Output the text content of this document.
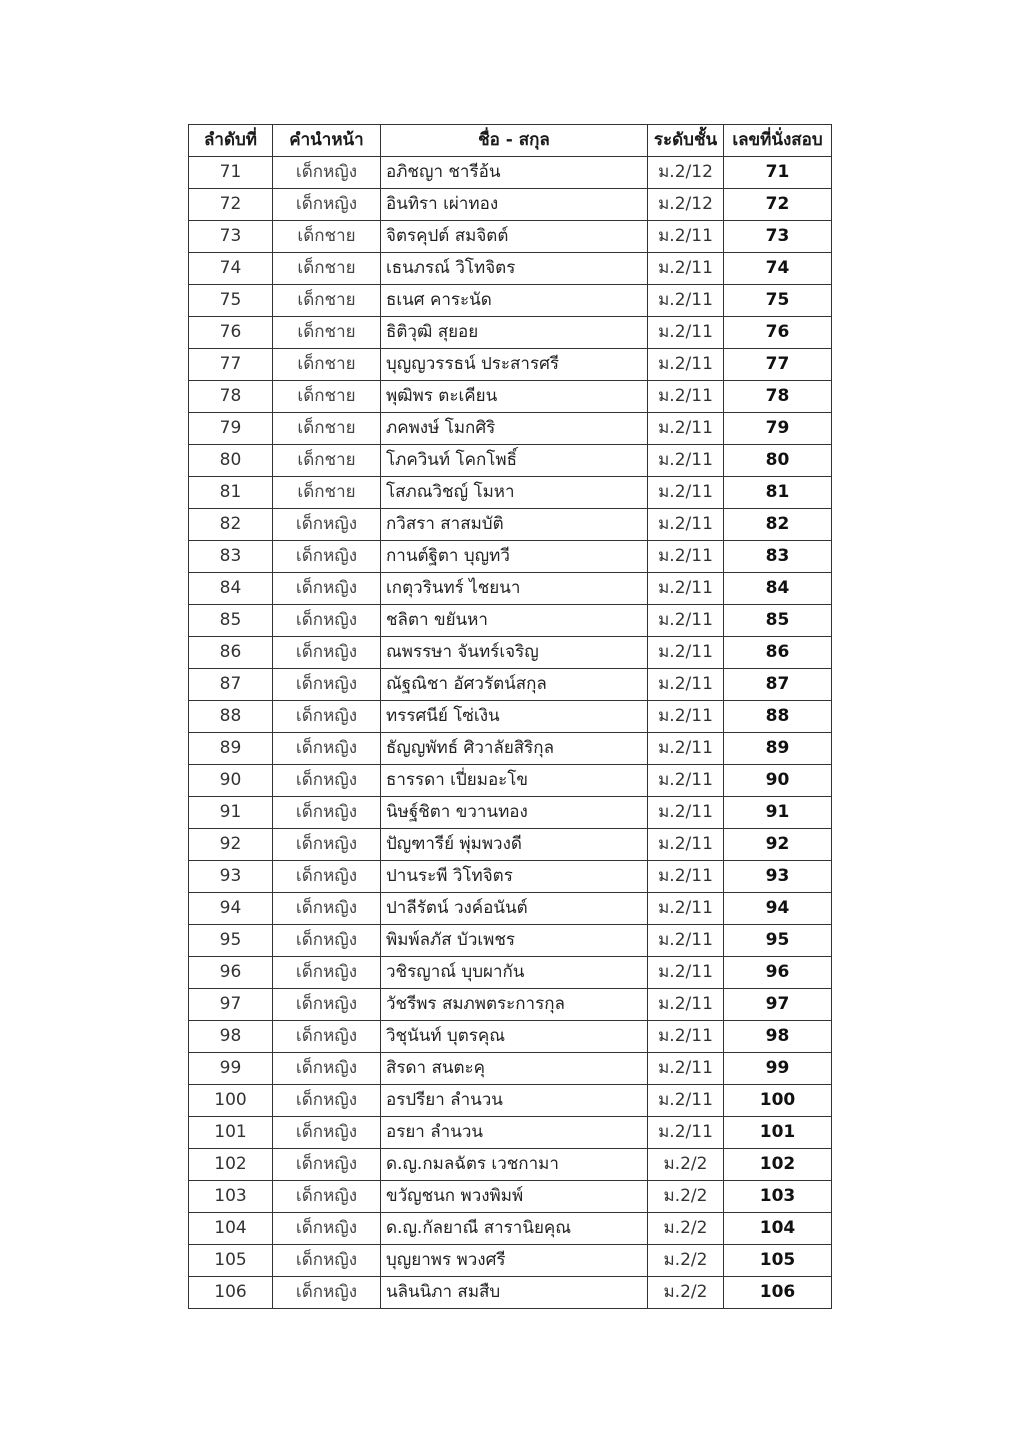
ลำดับที่	คำนำหน้า	ชื่อ - สกุล	ระดับชั้น	เลขที่นั่งสอบ
71	เด็กหญิง	อภิชญา ชารีอ้น	ม.2/12	71
72	เด็กหญิง	อินทิรา เผ่าทอง	ม.2/12	72
73	เด็กชาย	จิตรคุปต์ สมจิตต์	ม.2/11	73
74	เด็กชาย	เธนภรณ์ วิโทจิตร	ม.2/11	74
75	เด็กชาย	ธเนศ คาระนัด	ม.2/11	75
76	เด็กชาย	ธิติวุฒิ สุยอย	ม.2/11	76
77	เด็กชาย	บุญญวรรธน์ ประสารศรี	ม.2/11	77
78	เด็กชาย	พุฒิพร ตะเคียน	ม.2/11	78
79	เด็กชาย	ภคพงษ์ โมกศิริ	ม.2/11	79
80	เด็กชาย	โภควินท์ โคกโพธิ์	ม.2/11	80
81	เด็กชาย	โสภณวิชญ์ โมหา	ม.2/11	81
82	เด็กหญิง	กวิสรา สาสมบัติ	ม.2/11	82
83	เด็กหญิง	กานต์ฐิตา บุญทวี	ม.2/11	83
84	เด็กหญิง	เกตุวรินทร์ ไชยนา	ม.2/11	84
85	เด็กหญิง	ชลิตา ขยันหา	ม.2/11	85
86	เด็กหญิง	ณพรรษา จันทร์เจริญ	ม.2/11	86
87	เด็กหญิง	ณัฐณิชา อัศวรัตน์สกุล	ม.2/11	87
88	เด็กหญิง	ทรรศนีย์ โซ่เงิน	ม.2/11	88
89	เด็กหญิง	ธัญญพัทธ์ ศิวาลัยสิริกุล	ม.2/11	89
90	เด็กหญิง	ธารรดา เปี่ยมอะโข	ม.2/11	90
91	เด็กหญิง	นิษฐ์ชิตา ขวานทอง	ม.2/11	91
92	เด็กหญิง	ปัญฑารีย์ พุ่มพวงดี	ม.2/11	92
93	เด็กหญิง	ปานระพี วิโทจิตร	ม.2/11	93
94	เด็กหญิง	ปาลีรัตน์ วงค์อนันต์	ม.2/11	94
95	เด็กหญิง	พิมพ์ลภัส บัวเพชร	ม.2/11	95
96	เด็กหญิง	วชิรญาณ์ บุบผากัน	ม.2/11	96
97	เด็กหญิง	วัชรีพร สมภพตระการกุล	ม.2/11	97
98	เด็กหญิง	วิชุนันท์ บุตรคุณ	ม.2/11	98
99	เด็กหญิง	สิรดา สนตะคุ	ม.2/11	99
100	เด็กหญิง	อรปรียา ลำนวน	ม.2/11	100
101	เด็กหญิง	อรยา ลำนวน	ม.2/11	101
102	เด็กหญิง	ด.ญ.กมลฉัตร เวชกามา	ม.2/2	102
103	เด็กหญิง	ขวัญชนก พวงพิมพ์	ม.2/2	103
104	เด็กหญิง	ด.ญ.กัลยาณี สารานิยคุณ	ม.2/2	104
105	เด็กหญิง	บุญยาพร พวงศรี	ม.2/2	105
106	เด็กหญิง	นลินนิภา สมสืบ	ม.2/2	106
